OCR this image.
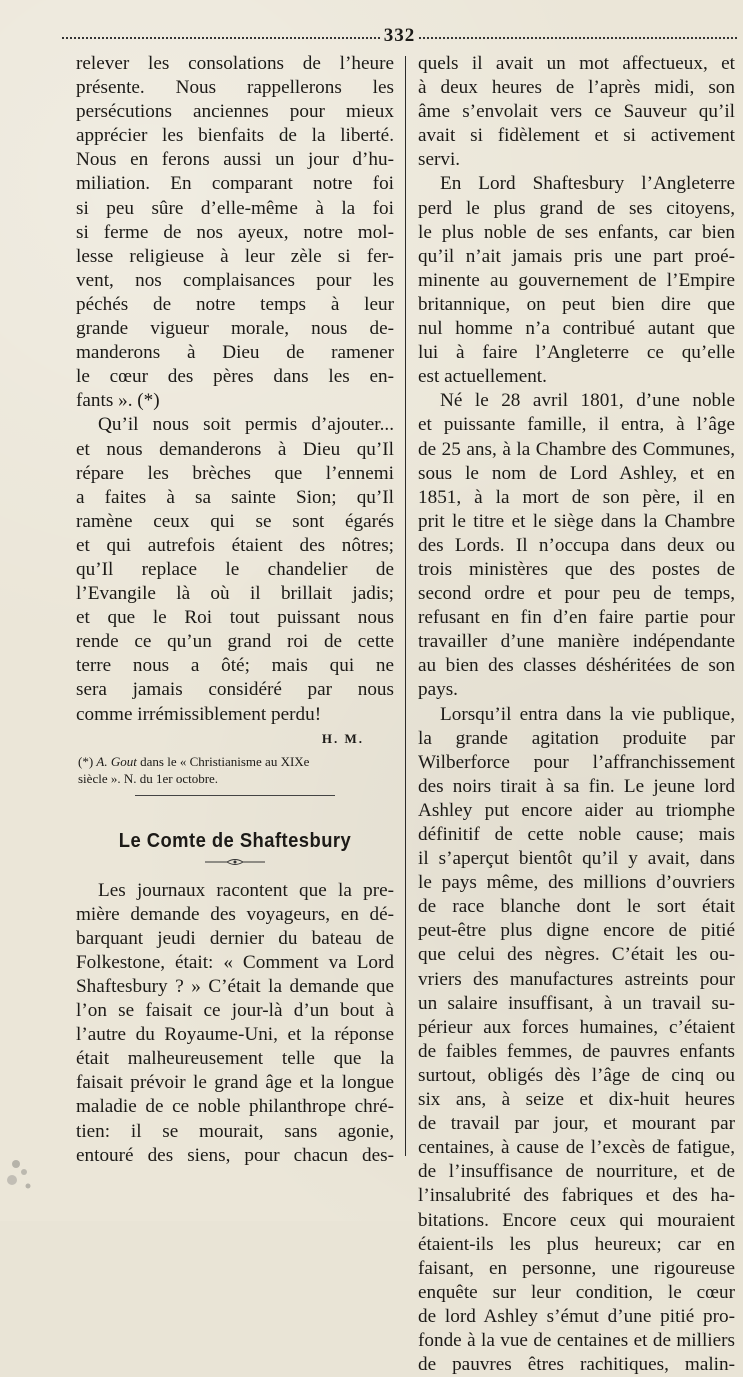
332

relever les consolations de l’heure

présente. Nous rappellerons les

persécutions anciennes pour mieux

apprécier les bienfaits de la liberté.

Nous en ferons aussi un jour d’hu-

miliation. En comparant notre foi

si peu sûre d’elle-même à la foi

si ferme de nos ayeux, notre mol-

lesse religieuse à leur zèle si fer-

vent, nos complaisances pour les

péchés de notre temps à leur

grande vigueur morale, nous de-

manderons à Dieu de ramener

le cœur des pères dans les en-

fants ». (*)

Qu’il nous soit permis d’ajouter...

et nous demanderons à Dieu qu’Il

répare les brèches que l’ennemi

a faites à sa sainte Sion; qu’Il

ramène ceux qui se sont égarés

et qui autrefois étaient des nôtres;

qu’Il replace le chandelier de

l’Evangile là où il brillait jadis;

et que le Roi tout puissant nous

rende ce qu’un grand roi de cette

terre nous a ôté; mais qui ne

sera jamais considéré par nous

comme irrémissiblement perdu!

H. M.
(*) A. Gout dans le « Christianisme au XIXe
siècle ». N. du 1er octobre.
Le Comte de Shaftesbury

Les journaux racontent que la pre-

mière demande des voyageurs, en dé-

barquant jeudi dernier du bateau de

Folkestone, était: « Comment va Lord

Shaftesbury ? » C’était la demande que

l’on se faisait ce jour-là d’un bout à

l’autre du Royaume-Uni, et la réponse

était malheureusement telle que la

faisait prévoir le grand âge et la longue

maladie de ce noble philanthrope chré-

tien: il se mourait, sans agonie,

entouré des siens, pour chacun des-

quels il avait un mot affectueux, et

à deux heures de l’après midi, son

âme s’envolait vers ce Sauveur qu’il

avait si fidèlement et si activement

servi.

En Lord Shaftesbury l’Angleterre

perd le plus grand de ses citoyens,

le plus noble de ses enfants, car bien

qu’il n’ait jamais pris une part proé-

minente au gouvernement de l’Empire

britannique, on peut bien dire que

nul homme n’a contribué autant que

lui à faire l’Angleterre ce qu’elle

est actuellement.

Né le 28 avril 1801, d’une noble

et puissante famille, il entra, à l’âge

de 25 ans, à la Chambre des Communes,

sous le nom de Lord Ashley, et en

1851, à la mort de son père, il en

prit le titre et le siège dans la Chambre

des Lords. Il n’occupa dans deux ou

trois ministères que des postes de

second ordre et pour peu de temps,

refusant en fin d’en faire partie pour

travailler d’une manière indépendante

au bien des classes déshéritées de son

pays.

Lorsqu’il entra dans la vie publique,

la grande agitation produite par

Wilberforce pour l’affranchissement

des noirs tirait à sa fin. Le jeune lord

Ashley put encore aider au triomphe

définitif de cette noble cause; mais

il s’aperçut bientôt qu’il y avait, dans

le pays même, des millions d’ouvriers

de race blanche dont le sort était

peut-être plus digne encore de pitié

que celui des nègres. C’était les ou-

vriers des manufactures astreints pour

un salaire insuffisant, à un travail su-

périeur aux forces humaines, c’étaient

de faibles femmes, de pauvres enfants

surtout, obligés dès l’âge de cinq ou

six ans, à seize et dix-huit heures

de travail par jour, et mourant par

centaines, à cause de l’excès de fatigue,

de l’insuffisance de nourriture, et de

l’insalubrité des fabriques et des ha-

bitations. Encore ceux qui mouraient

étaient-ils les plus heureux; car en

faisant, en personne, une rigoureuse

enquête sur leur condition, le cœur

de lord Ashley s’émut d’une pitié pro-

fonde à la vue de centaines et de milliers

de pauvres êtres rachitiques, malin-
